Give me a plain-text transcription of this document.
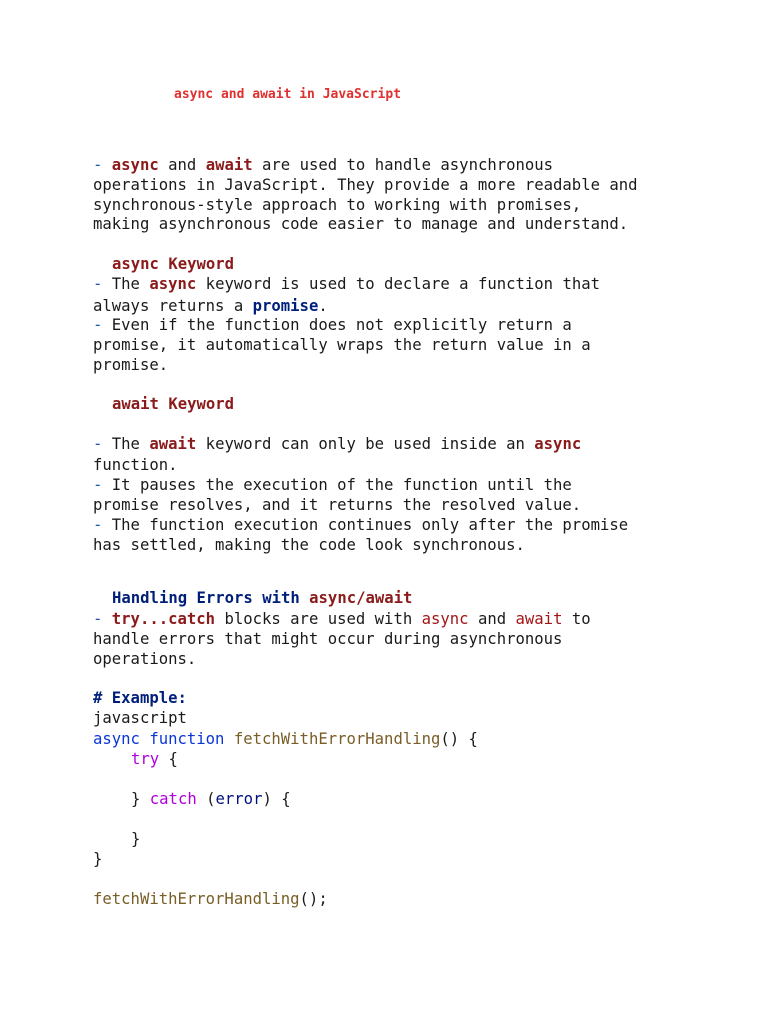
async and await in JavaScript
- async and await are used to handle asynchronous
operations in JavaScript. They provide a more readable and
synchronous-style approach to working with promises,
making asynchronous code easier to manage and understand.
async Keyword
- The async keyword is used to declare a function that
always returns a promise.
- Even if the function does not explicitly return a
promise, it automatically wraps the return value in a
promise.
await Keyword
- The await keyword can only be used inside an async
function.
- It pauses the execution of the function until the
promise resolves, and it returns the resolved value.
- The function execution continues only after the promise
has settled, making the code look synchronous.
Handling Errors with async/await
- try...catch blocks are used with async and await to
handle errors that might occur during asynchronous
operations.
# Example:
javascript
async function fetchWithErrorHandling() {
try {
} catch (error) {
}
}
fetchWithErrorHandling();
